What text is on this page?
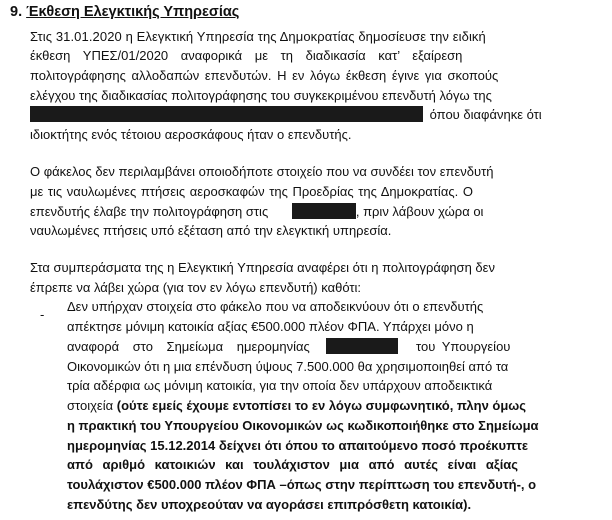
9. Έκθεση Ελεγκτικής Υπηρεσίας
Στις 31.01.2020 η Ελεγκτική Υπηρεσία της Δημοκρατίας δημοσίευσε την ειδική
έκθεση ΥΠΕΣ/01/2020 αναφορικά με τη διαδικασία κατ’ εξαίρεση
πολιτογράφησης αλλοδαπών επενδυτών. Η εν λόγω έκθεση έγινε για σκοπούς
ελέγχου της διαδικασίας πολιτογράφησης του συγκεκριμένου επενδυτή λόγω της
όπου διαφάνηκε ότι
ιδιοκτήτης ενός τέτοιου αεροσκάφους ήταν ο επενδυτής.
Ο φάκελος δεν περιλαμβάνει οποιοδήποτε στοιχείο που να συνδέει τον επενδυτή
με τις ναυλωμένες πτήσεις αεροσκαφών της Προεδρίας της Δημοκρατίας. Ο
επενδυτής έλαβε την πολιτογράφηση στις	, πριν λάβουν χώρα οι
ναυλωμένες πτήσεις υπό εξέταση από την ελεγκτική υπηρεσία.
Στα συμπεράσματα της η Ελεγκτική Υπηρεσία αναφέρει ότι η πολιτογράφηση δεν
έπρεπε να λάβει χώρα (για τον εν λόγω επενδυτή) καθότι:
-
Δεν υπήρχαν στοιχεία στο φάκελο που να αποδεικνύουν ότι ο επενδυτής
απέκτησε μόνιμη κατοικία αξίας €500.000 πλέον ΦΠΑ. Υπάρχει μόνο η
αναφορά στο Σημείωμα ημερομηνίας	του Υπουργείου
Οικονομικών ότι η μια επένδυση ύψους 7.500.000 θα χρησιμοποιηθεί από τα
τρία αδέρφια ως μόνιμη κατοικία, για την οποία δεν υπάρχουν αποδεικτικά
στοιχεία (ούτε εμείς έχουμε εντοπίσει το εν λόγω συμφωνητικό, πλην όμως
η πρακτική του Υπουργείου Οικονομικών ως κωδικοποιήθηκε στο Σημείωμα
ημερομηνίας 15.12.2014 δείχνει ότι όπου το απαιτούμενο ποσό προέκυπτε
από αριθμό κατοικιών και τουλάχιστον μια από αυτές είναι αξίας
τουλάχιστον €500.000 πλέον ΦΠΑ –όπως στην περίπτωση του επενδυτή-, ο
επενδύτης δεν υποχρεούταν να αγοράσει επιπρόσθετη κατοικία).
